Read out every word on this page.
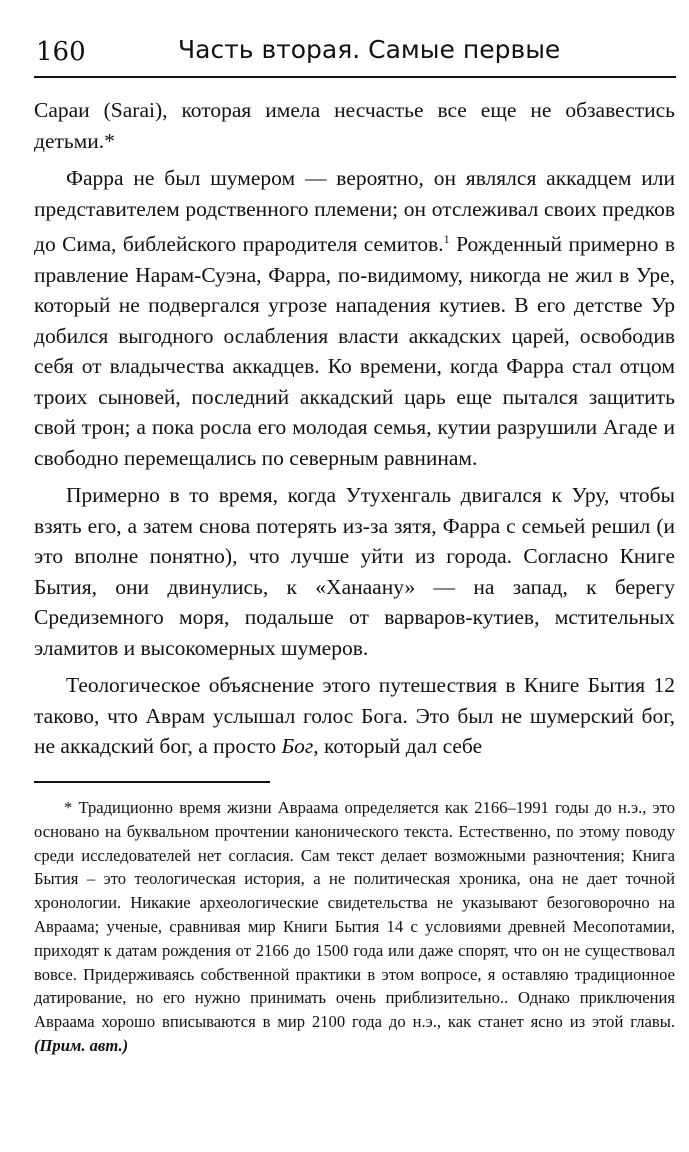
160	Часть вторая. Самые первые

Сараи (Sarai), которая имела несчастье все еще не обзавестись детьми.*

Фарра не был шумером — вероятно, он являлся аккадцем или представителем родственного племени; он отслеживал своих предков до Сима, библейского прародителя семитов.$^1$ Рожденный примерно в правление Нарам-Суэна, Фарра, по-видимому, никогда не жил в Уре, который не подвергался угрозе нападения кутиев. В его детстве Ур добился выгодного ослабления власти аккадских царей, освободив себя от владычества аккадцев. Ко времени, когда Фарра стал отцом троих сыновей, последний аккадский царь еще пытался защитить свой трон; а пока росла его молодая семья, кутии разрушили Агаде и свободно перемещались по северным равнинам.

Примерно в то время, когда Утухенгаль двигался к Уру, чтобы взять его, а затем снова потерять из-за зятя, Фарра с семьей решил (и это вполне понятно), что лучше уйти из города. Согласно Книге Бытия, они двинулись, к «Ханаану» — на запад, к берегу Средиземного моря, подальше от варваров-кутиев, мстительных эламитов и высокомерных шумеров.

Теологическое объяснение этого путешествия в Книге Бытия 12 таково, что Аврам услышал голос Бога. Это был не шумерский бог, не аккадский бог, а просто Бог, который дал себе

* Традиционно время жизни Авраама определяется как 2166–1991 годы до н.э., это основано на буквальном прочтении канонического текста. Естественно, по этому поводу среди исследователей нет согласия. Сам текст делает возможными разночтения; Книга Бытия – это теологическая история, а не политическая хроника, она не дает точной хронологии. Никакие археологические свидетельства не указывают безоговорочно на Авраама; ученые, сравнивая мир Книги Бытия 14 с условиями древней Месопотамии, приходят к датам рождения от 2166 до 1500 года или даже спорят, что он не существовал вовсе. Придерживаясь собственной практики в этом вопросе, я оставляю традиционное датирование, но его нужно принимать очень приблизительно.. Однако приключения Авраама хорошо вписываются в мир 2100 года до н.э., как станет ясно из этой главы. (Прим. авт.)
